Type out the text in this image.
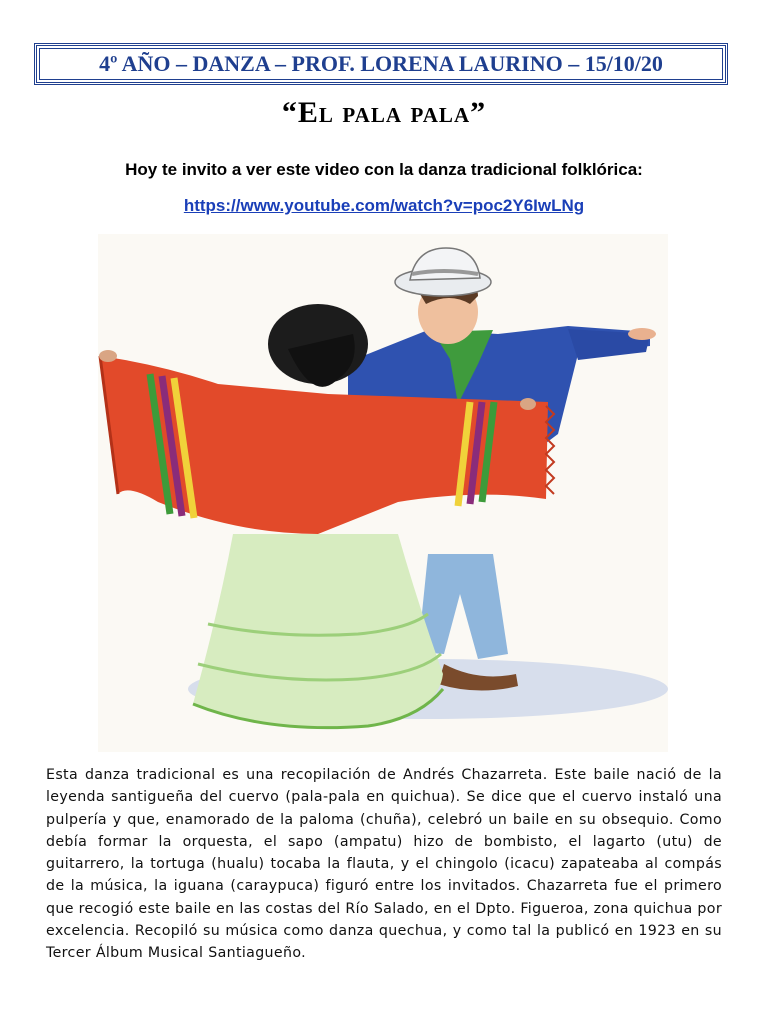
4º AÑO – DANZA – PROF. LORENA LAURINO – 15/10/20
“El pala pala”
Hoy te invito a ver este video con la danza tradicional folklórica:
https://www.youtube.com/watch?v=poc2Y6IwLNg
Esta danza tradicional es una recopilación de Andrés Chazarreta. Este baile nació de la leyenda santigueña del cuervo (pala-pala en quichua). Se dice que el cuervo instaló una pulpería y que, enamorado de la paloma (chuña), celebró un baile en su obsequio. Como debía formar la orquesta, el sapo (ampatu) hizo de bombisto, el lagarto (utu) de guitarrero, la tortuga (hualu) tocaba la flauta, y el chingolo (icacu) zapateaba al compás de la música, la iguana (caraypuca) figuró entre los invitados. Chazarreta fue el primero que recogió este baile en las costas del Río Salado, en el Dpto. Figueroa, zona quichua por excelencia. Recopiló su música como danza quechua, y como tal la publicó en 1923 en su Tercer Álbum Musical Santiagueño.
